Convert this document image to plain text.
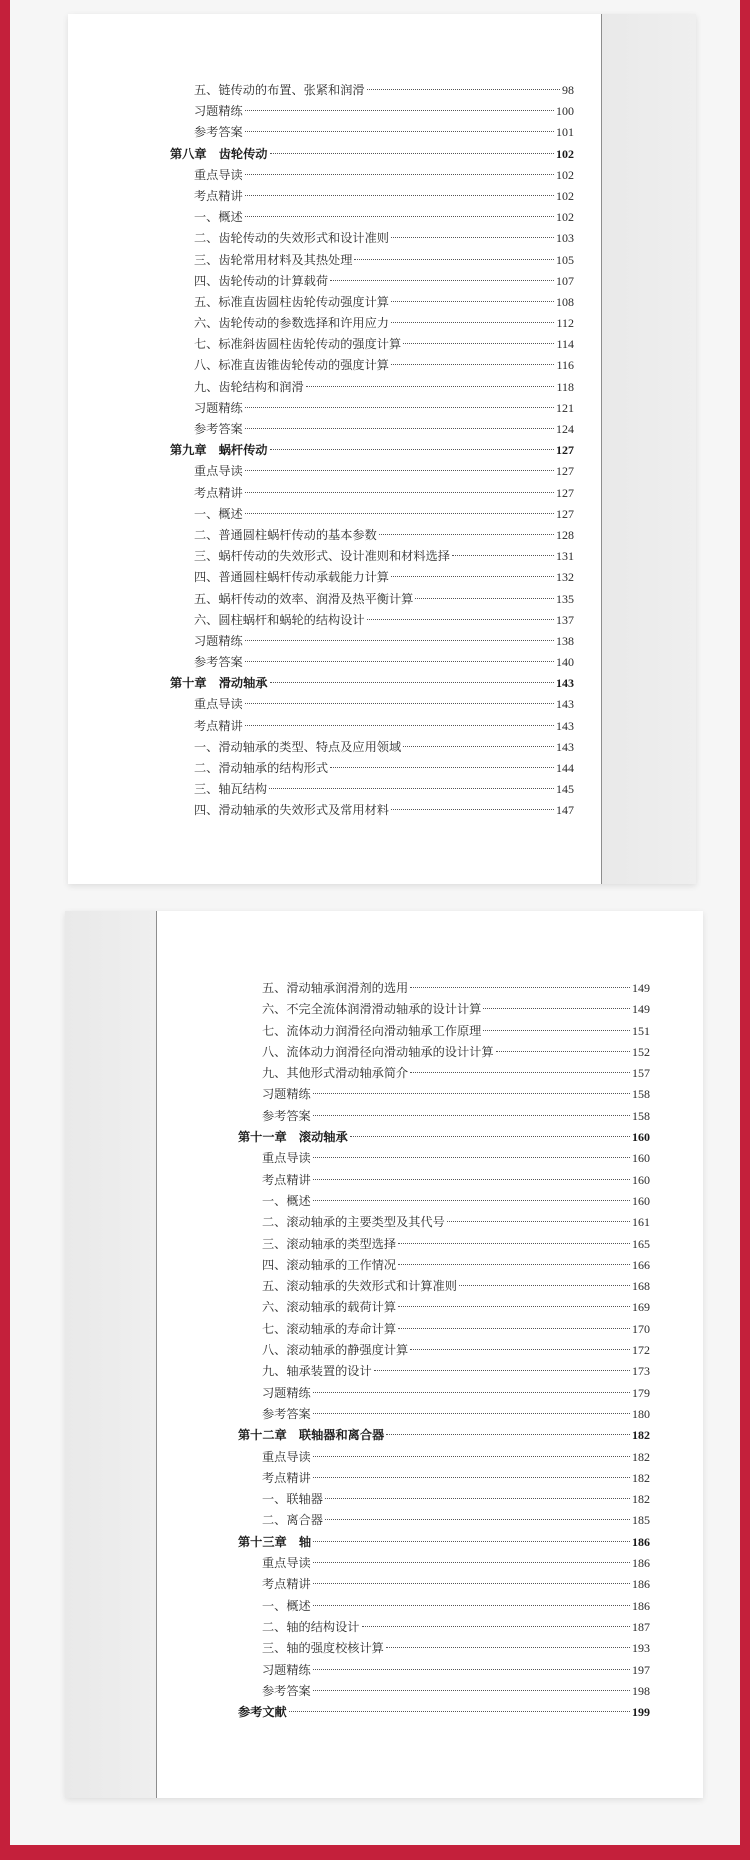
五、链传动的布置、张紧和润滑	98
习题精练	100
参考答案	101
第八章　齿轮传动	102
重点导读	102
考点精讲	102
一、概述	102
二、齿轮传动的失效形式和设计准则	103
三、齿轮常用材料及其热处理	105
四、齿轮传动的计算载荷	107
五、标准直齿圆柱齿轮传动强度计算	108
六、齿轮传动的参数选择和许用应力	112
七、标准斜齿圆柱齿轮传动的强度计算	114
八、标准直齿锥齿轮传动的强度计算	116
九、齿轮结构和润滑	118
习题精练	121
参考答案	124
第九章　蜗杆传动	127
重点导读	127
考点精讲	127
一、概述	127
二、普通圆柱蜗杆传动的基本参数	128
三、蜗杆传动的失效形式、设计准则和材料选择	131
四、普通圆柱蜗杆传动承载能力计算	132
五、蜗杆传动的效率、润滑及热平衡计算	135
六、圆柱蜗杆和蜗轮的结构设计	137
习题精练	138
参考答案	140
第十章　滑动轴承	143
重点导读	143
考点精讲	143
一、滑动轴承的类型、特点及应用领域	143
二、滑动轴承的结构形式	144
三、轴瓦结构	145
四、滑动轴承的失效形式及常用材料	147
五、滑动轴承润滑剂的选用	149
六、不完全流体润滑滑动轴承的设计计算	149
七、流体动力润滑径向滑动轴承工作原理	151
八、流体动力润滑径向滑动轴承的设计计算	152
九、其他形式滑动轴承简介	157
习题精练	158
参考答案	158
第十一章　滚动轴承	160
重点导读	160
考点精讲	160
一、概述	160
二、滚动轴承的主要类型及其代号	161
三、滚动轴承的类型选择	165
四、滚动轴承的工作情况	166
五、滚动轴承的失效形式和计算准则	168
六、滚动轴承的载荷计算	169
七、滚动轴承的寿命计算	170
八、滚动轴承的静强度计算	172
九、轴承装置的设计	173
习题精练	179
参考答案	180
第十二章　联轴器和离合器	182
重点导读	182
考点精讲	182
一、联轴器	182
二、离合器	185
第十三章　轴	186
重点导读	186
考点精讲	186
一、概述	186
二、轴的结构设计	187
三、轴的强度校核计算	193
习题精练	197
参考答案	198
参考文献	199
